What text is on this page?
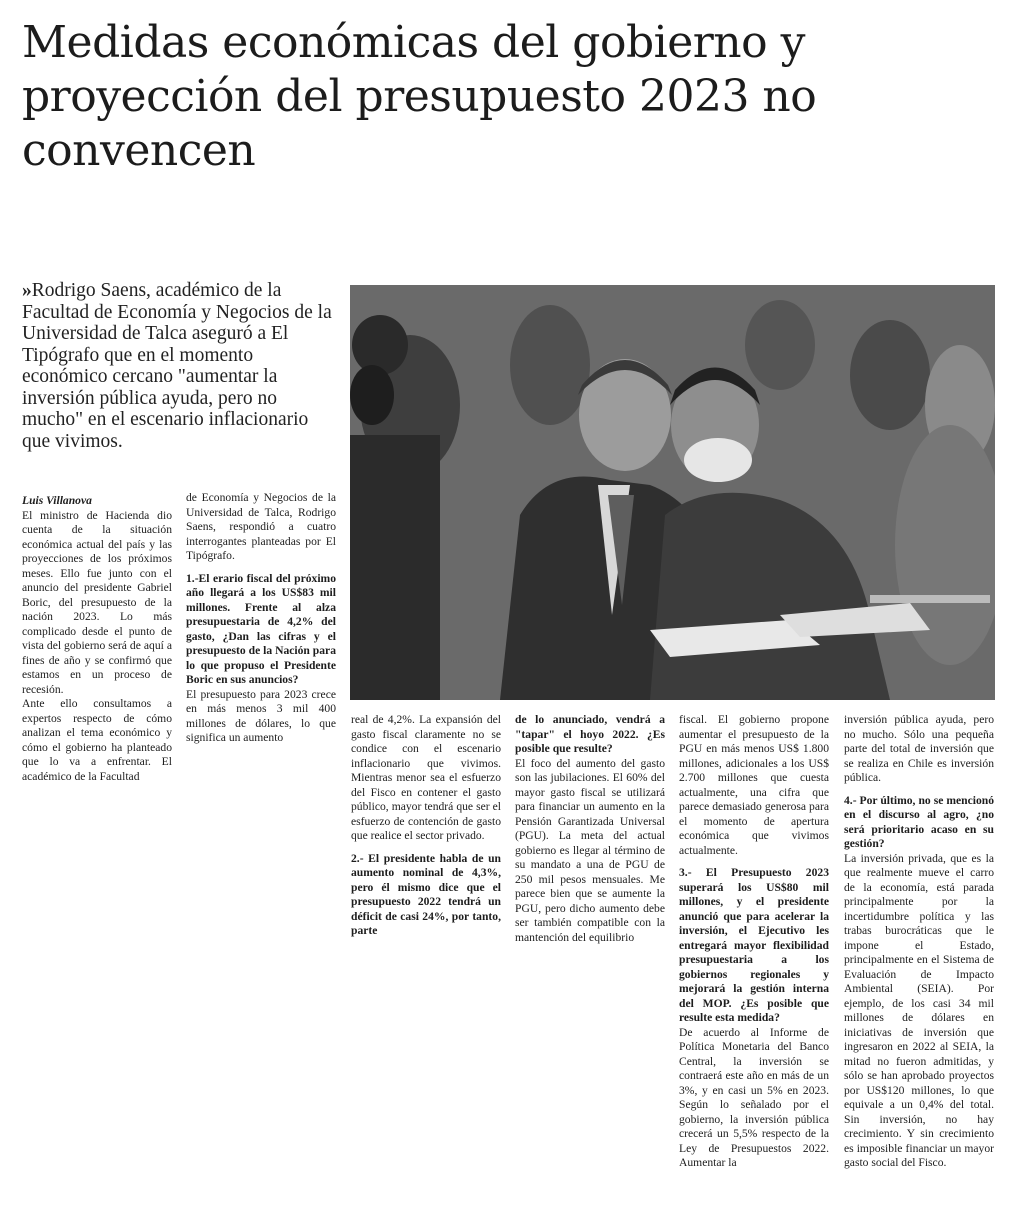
Medidas económicas del gobierno y proyección del presupuesto 2023 no convencen
»Rodrigo Saens, académico de la Facultad de Economía y Negocios de la Universidad de Talca aseguró a El Tipógrafo que en el momento económico cercano "aumentar la inversión pública ayuda, pero no mucho" en el escenario inflacionario que vivimos.

Luis Villanova

El ministro de Hacienda dio cuenta de la situación económica actual del país y las proyecciones de los próximos meses. Ello fue junto con el anuncio del presidente Gabriel Boric, del presupuesto de la nación 2023. Lo más complicado desde el punto de vista del gobierno será de aquí a fines de año y se confirmó que estamos en un proceso de recesión.

Ante ello consultamos a expertos respecto de cómo analizan el tema económico y cómo el gobierno ha planteado que lo va a enfrentar. El académico de la Facultad

de Economía y Negocios de la Universidad de Talca, Rodrigo Saens, respondió a cuatro interrogantes planteadas por El Tipógrafo.

1.-El erario fiscal del próximo año llegará a los US$83 mil millones. Frente al alza presupuestaria de 4,2% del gasto, ¿Dan las cifras y el presupuesto de la Nación para lo que propuso el Presidente Boric en sus anuncios?

El presupuesto para 2023 crece en más menos 3 mil 400 millones de dólares, lo que significa un aumento

real de 4,2%. La expansión del gasto fiscal claramente no se condice con el escenario inflacionario que vivimos. Mientras menor sea el esfuerzo del Fisco en contener el gasto público, mayor tendrá que ser el esfuerzo de contención de gasto que realice el sector privado.

2.- El presidente habla de un aumento nominal de 4,3%, pero él mismo dice que el presupuesto 2022 tendrá un déficit de casi 24%, por tanto, parte

de lo anunciado, vendrá a "tapar" el hoyo 2022. ¿Es posible que resulte?

El foco del aumento del gasto son las jubilaciones. El 60% del mayor gasto fiscal se utilizará para financiar un aumento en la Pensión Garantizada Universal (PGU). La meta del actual gobierno es llegar al término de su mandato a una de PGU de 250 mil pesos mensuales. Me parece bien que se aumente la PGU, pero dicho aumento debe ser también compatible con la mantención del equilibrio

fiscal. El gobierno propone aumentar el presupuesto de la PGU en más menos US$ 1.800 millones, adicionales a los US$ 2.700 millones que cuesta actualmente, una cifra que parece demasiado generosa para el momento de apertura económica que vivimos actualmente.

3.- El Presupuesto 2023 superará los US$80 mil millones, y el presidente anunció que para acelerar la inversión, el Ejecutivo les entregará mayor flexibilidad presupuestaria a los gobiernos regionales y mejorará la gestión interna del MOP. ¿Es posible que resulte esta medida?

De acuerdo al Informe de Política Monetaria del Banco Central, la inversión se contraerá este año en más de un 3%, y en casi un 5% en 2023. Según lo señalado por el gobierno, la inversión pública crecerá un 5,5% respecto de la Ley de Presupuestos 2022. Aumentar la

inversión pública ayuda, pero no mucho. Sólo una pequeña parte del total de inversión que se realiza en Chile es inversión pública.

4.- Por último, no se mencionó en el discurso al agro, ¿no será prioritario acaso en su gestión?

La inversión privada, que es la que realmente mueve el carro de la economía, está parada principalmente por la incertidumbre política y las trabas burocráticas que le impone el Estado, principalmente en el Sistema de Evaluación de Impacto Ambiental (SEIA). Por ejemplo, de los casi 34 mil millones de dólares en iniciativas de inversión que ingresaron en 2022 al SEIA, la mitad no fueron admitidas, y sólo se han aprobado proyectos por US$120 millones, lo que equivale a un 0,4% del total. Sin inversión, no hay crecimiento. Y sin crecimiento es imposible financiar un mayor gasto social del Fisco.
